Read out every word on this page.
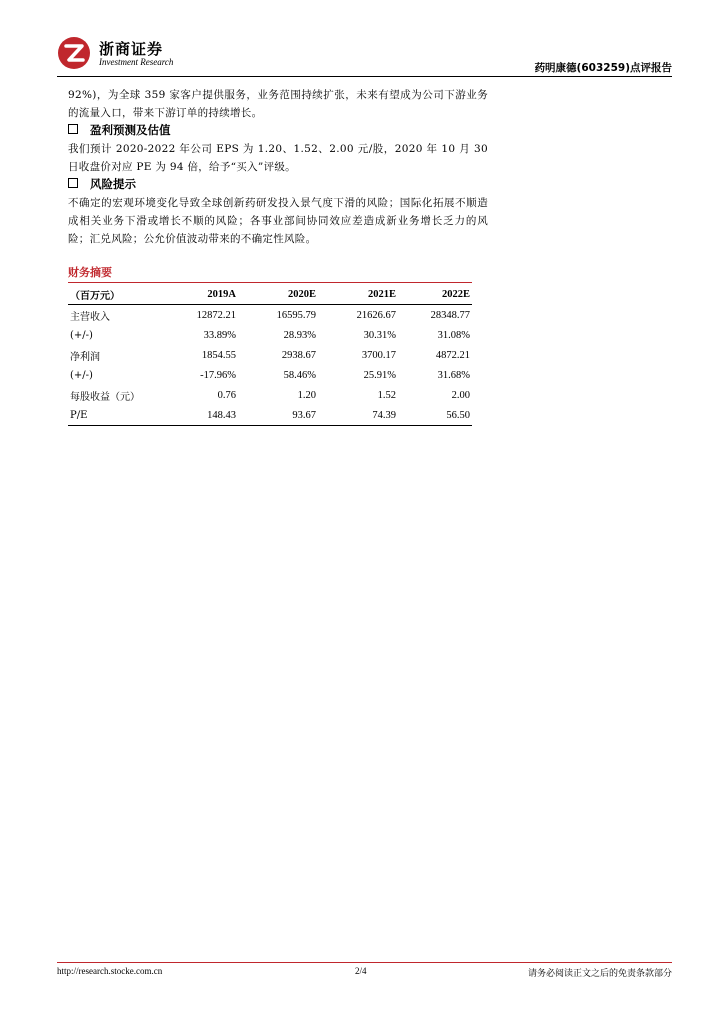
浙商证券
Investment Research	药明康德(603259)点评报告
92%)，为全球 359 家客户提供服务，业务范围持续扩张，未来有望成为公司下游业务的流量入口，带来下游订单的持续增长。
盈利预测及估值
我们预计 2020-2022 年公司 EPS 为 1.20、1.52、2.00 元/股，2020 年 10 月 30 日收盘价对应 PE 为 94 倍，给予“买入”评级。
风险提示
不确定的宏观环境变化导致全球创新药研发投入景气度下滑的风险；国际化拓展不顺造成相关业务下滑或增长不顺的风险；各事业部间协同效应差造成新业务增长乏力的风险；汇兑风险；公允价值波动带来的不确定性风险。
财务摘要
（百万元）	2019A	2020E	2021E	2022E
主营收入	12872.21	16595.79	21626.67	28348.77
(+/-)	33.89%	28.93%	30.31%	31.08%
净利润	1854.55	2938.67	3700.17	4872.21
(+/-)	-17.96%	58.46%	25.91%	31.68%
每股收益（元）	0.76	1.20	1.52	2.00
P/E	148.43	93.67	74.39	56.50
http://research.stocke.com.cn	2/4	请务必阅读正文之后的免责条款部分
